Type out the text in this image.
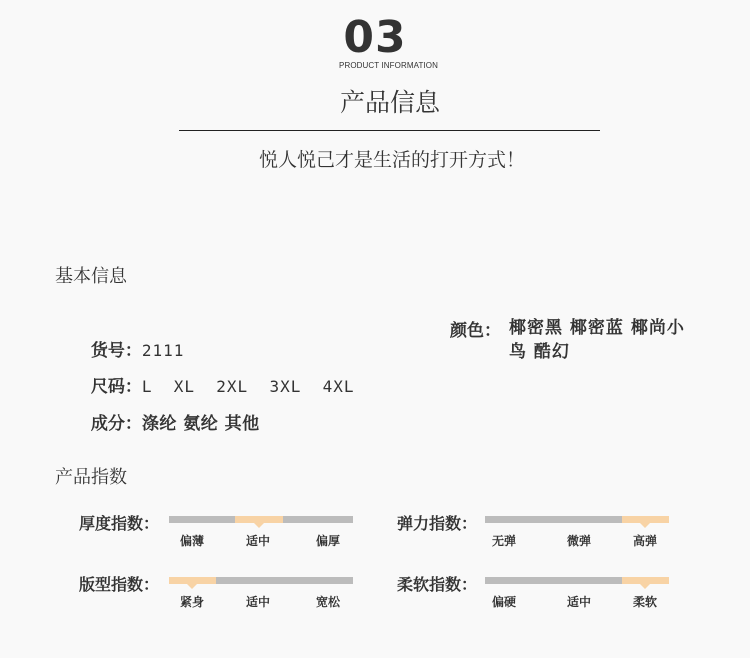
03
PRODUCT INFORMATION
产品信息
悦人悦己才是生活的打开方式！
基本信息

货号：2111

尺码：L  XL  2XL  3XL  4XL

成分：涤纶 氨纶 其他

颜色： 椰密黑 椰密蓝 椰尚小鸟 酷幻
产品指数
厚度指数：
偏薄	适中	偏厚
弹力指数：
无弹	微弹	高弹
版型指数：
紧身	适中	宽松
柔软指数：
偏硬	适中	柔软
